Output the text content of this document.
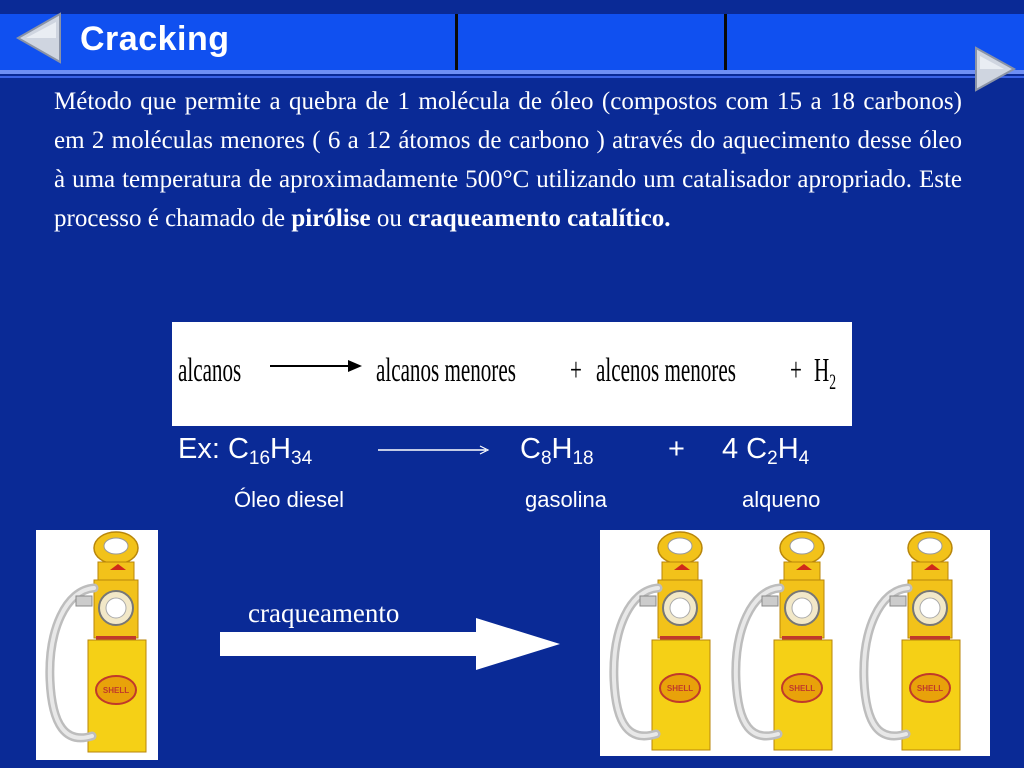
Cracking
Método que permite a quebra de 1 molécula de óleo (compostos com 15 a 18 carbonos) em 2 moléculas menores ( 6 a 12 átomos de carbono ) através do aquecimento desse óleo à uma temperatura de aproximadamente 500°C utilizando um catalisador apropriado. Este processo é chamado de pirólise ou craqueamento catalítico.
alcanos	alcanos menores + alcenos menores + $H_2$
Ex: $C_{16}H_{34}$	$C_8H_{18}$	+ 4 $C_2H_4$
Óleo diesel	gasolina	alqueno
SHELL
craqueamento
